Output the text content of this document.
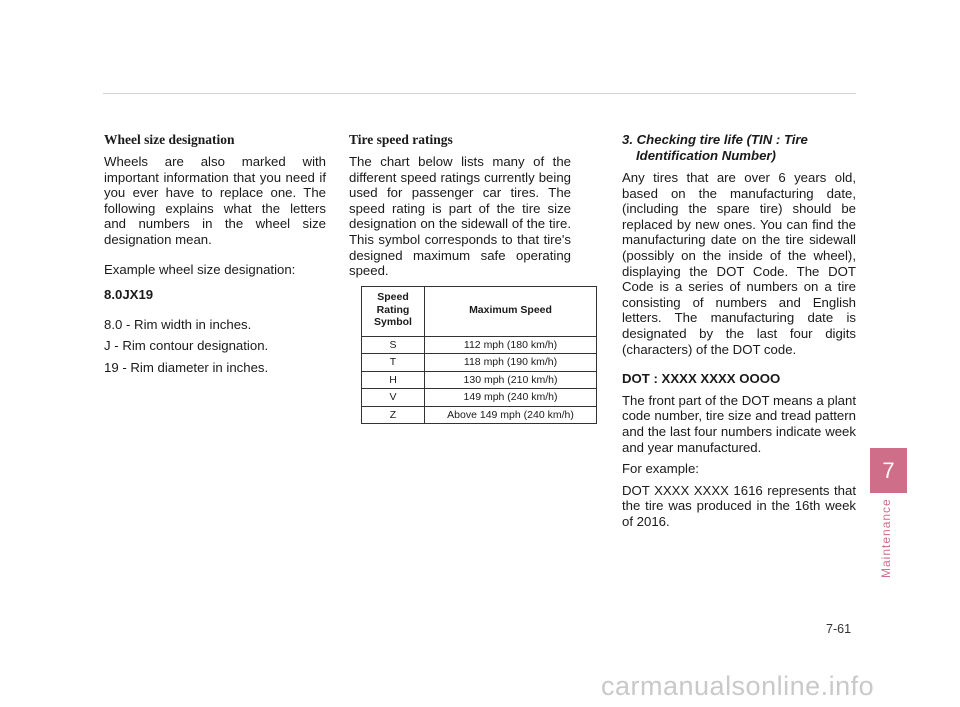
Wheel size designation
Wheels are also marked with important information that you need if you ever have to replace one. The following explains what the letters and numbers in the wheel size designation mean.
Example wheel size designation:
8.0JX19
8.0 - Rim width in inches.
J - Rim contour designation.
19 - Rim diameter in inches.
Tire speed ratings
The chart below lists many of the different speed ratings currently being used for passenger car tires. The speed rating is part of the tire size designation on the sidewall of the tire. This symbol corresponds to that tire's designed maximum safe operating speed.
Speed
Rating
Symbol	Maximum Speed
S	112 mph (180 km/h)
T	118 mph (190 km/h)
H	130 mph (210 km/h)
V	149 mph (240 km/h)
Z	Above 149 mph (240 km/h)
3. Checking tire life (TIN : Tire
Identification Number)
Any tires that are over 6 years old, based on the manufacturing date, (including the spare tire) should be replaced by new ones. You can find the manufacturing date on the tire sidewall (possibly on the inside of the wheel), displaying the DOT Code. The DOT Code is a series of numbers on a tire consisting of numbers and English letters. The manufacturing date is designated by the last four digits (characters) of the DOT code.
DOT : XXXX XXXX OOOO
The front part of the DOT means a plant code number, tire size and tread pattern and the last four numbers indicate week and year manufactured.
For example:
DOT XXXX XXXX 1616 represents that the tire was produced in the 16th week of 2016.
7
Maintenance
7-61
carmanualsonline.info
